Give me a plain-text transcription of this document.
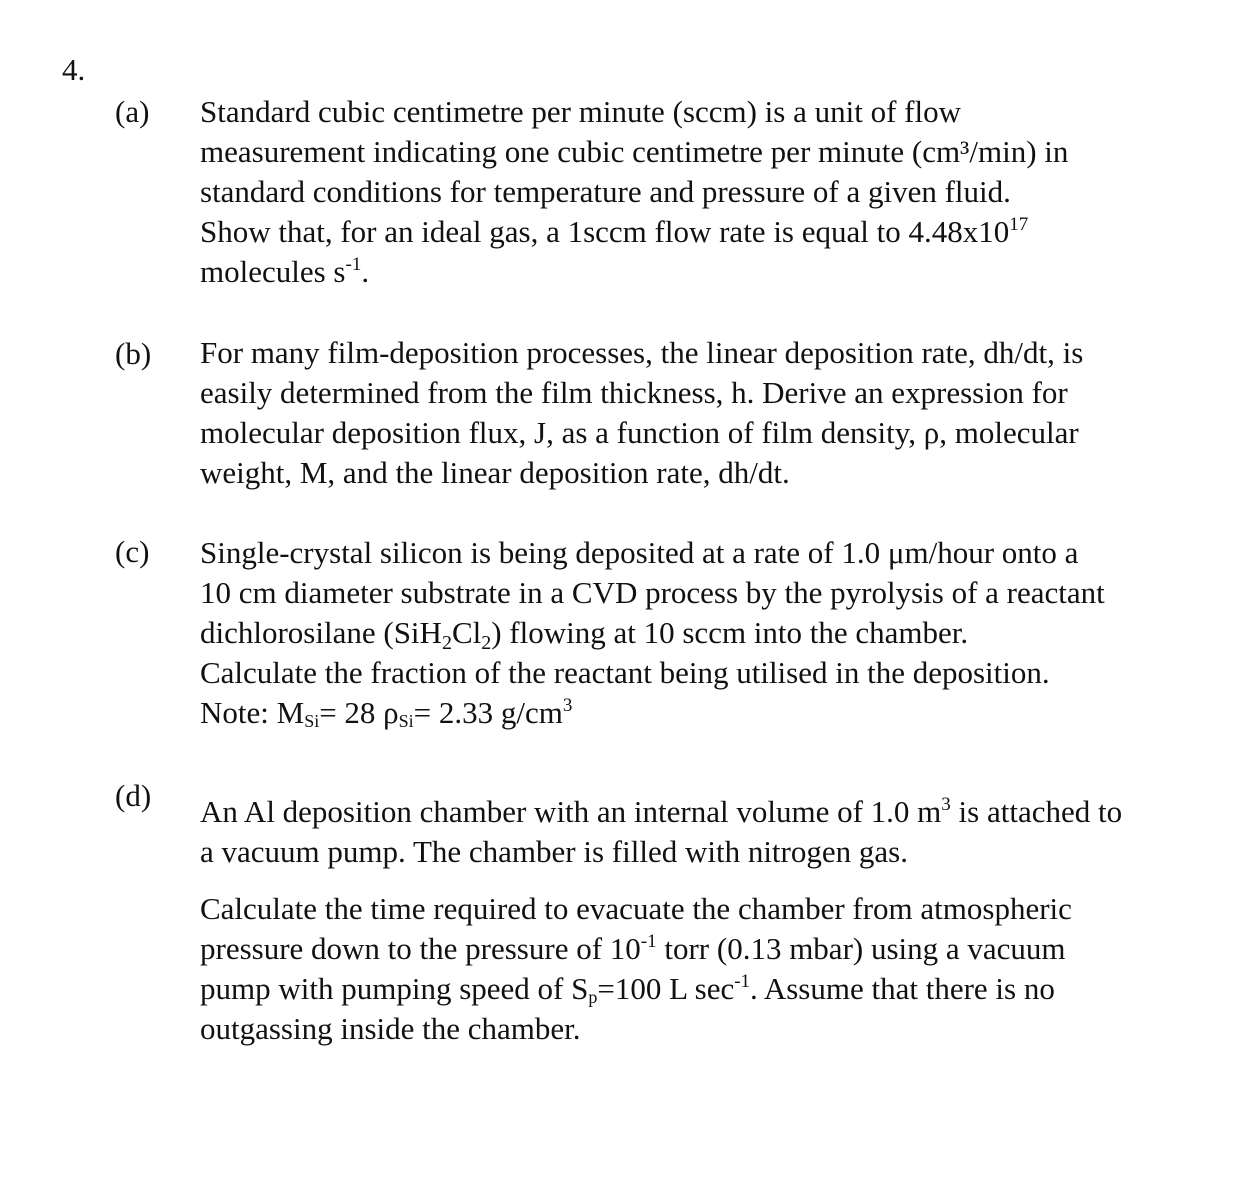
4.
(a) Standard cubic centimetre per minute (sccm) is a unit of flow
measurement indicating one cubic centimetre per minute (cm³/min) in
standard conditions for temperature and pressure of a given fluid.
Show that, for an ideal gas, a 1sccm flow rate is equal to $4.48x10^{17}$
molecules $s^{-1}$.
(b) For many film-deposition processes, the linear deposition rate, dh/dt, is
easily determined from the film thickness, h. Derive an expression for
molecular deposition flux, J, as a function of film density, ρ, molecular
weight, M, and the linear deposition rate, dh/dt.
(c) Single-crystal silicon is being deposited at a rate of 1.0 μm/hour onto a
10 cm diameter substrate in a CVD process by the pyrolysis of a reactant
dichlorosilane $(SiH_2Cl_2)$ flowing at 10 sccm into the chamber.
Calculate the fraction of the reactant being utilised in the deposition.
Note: $M_{Si}= 28$ $\rho_{Si}= 2.33$ $g/cm^3$
(d) An Al deposition chamber with an internal volume of 1.0 $m^3$ is attached to
a vacuum pump. The chamber is filled with nitrogen gas.
Calculate the time required to evacuate the chamber from atmospheric
pressure down to the pressure of $10^{-1}$ torr (0.13 mbar) using a vacuum
pump with pumping speed of $S_p=100$ L $\sec^{-1}$. Assume that there is no
outgassing inside the chamber.
